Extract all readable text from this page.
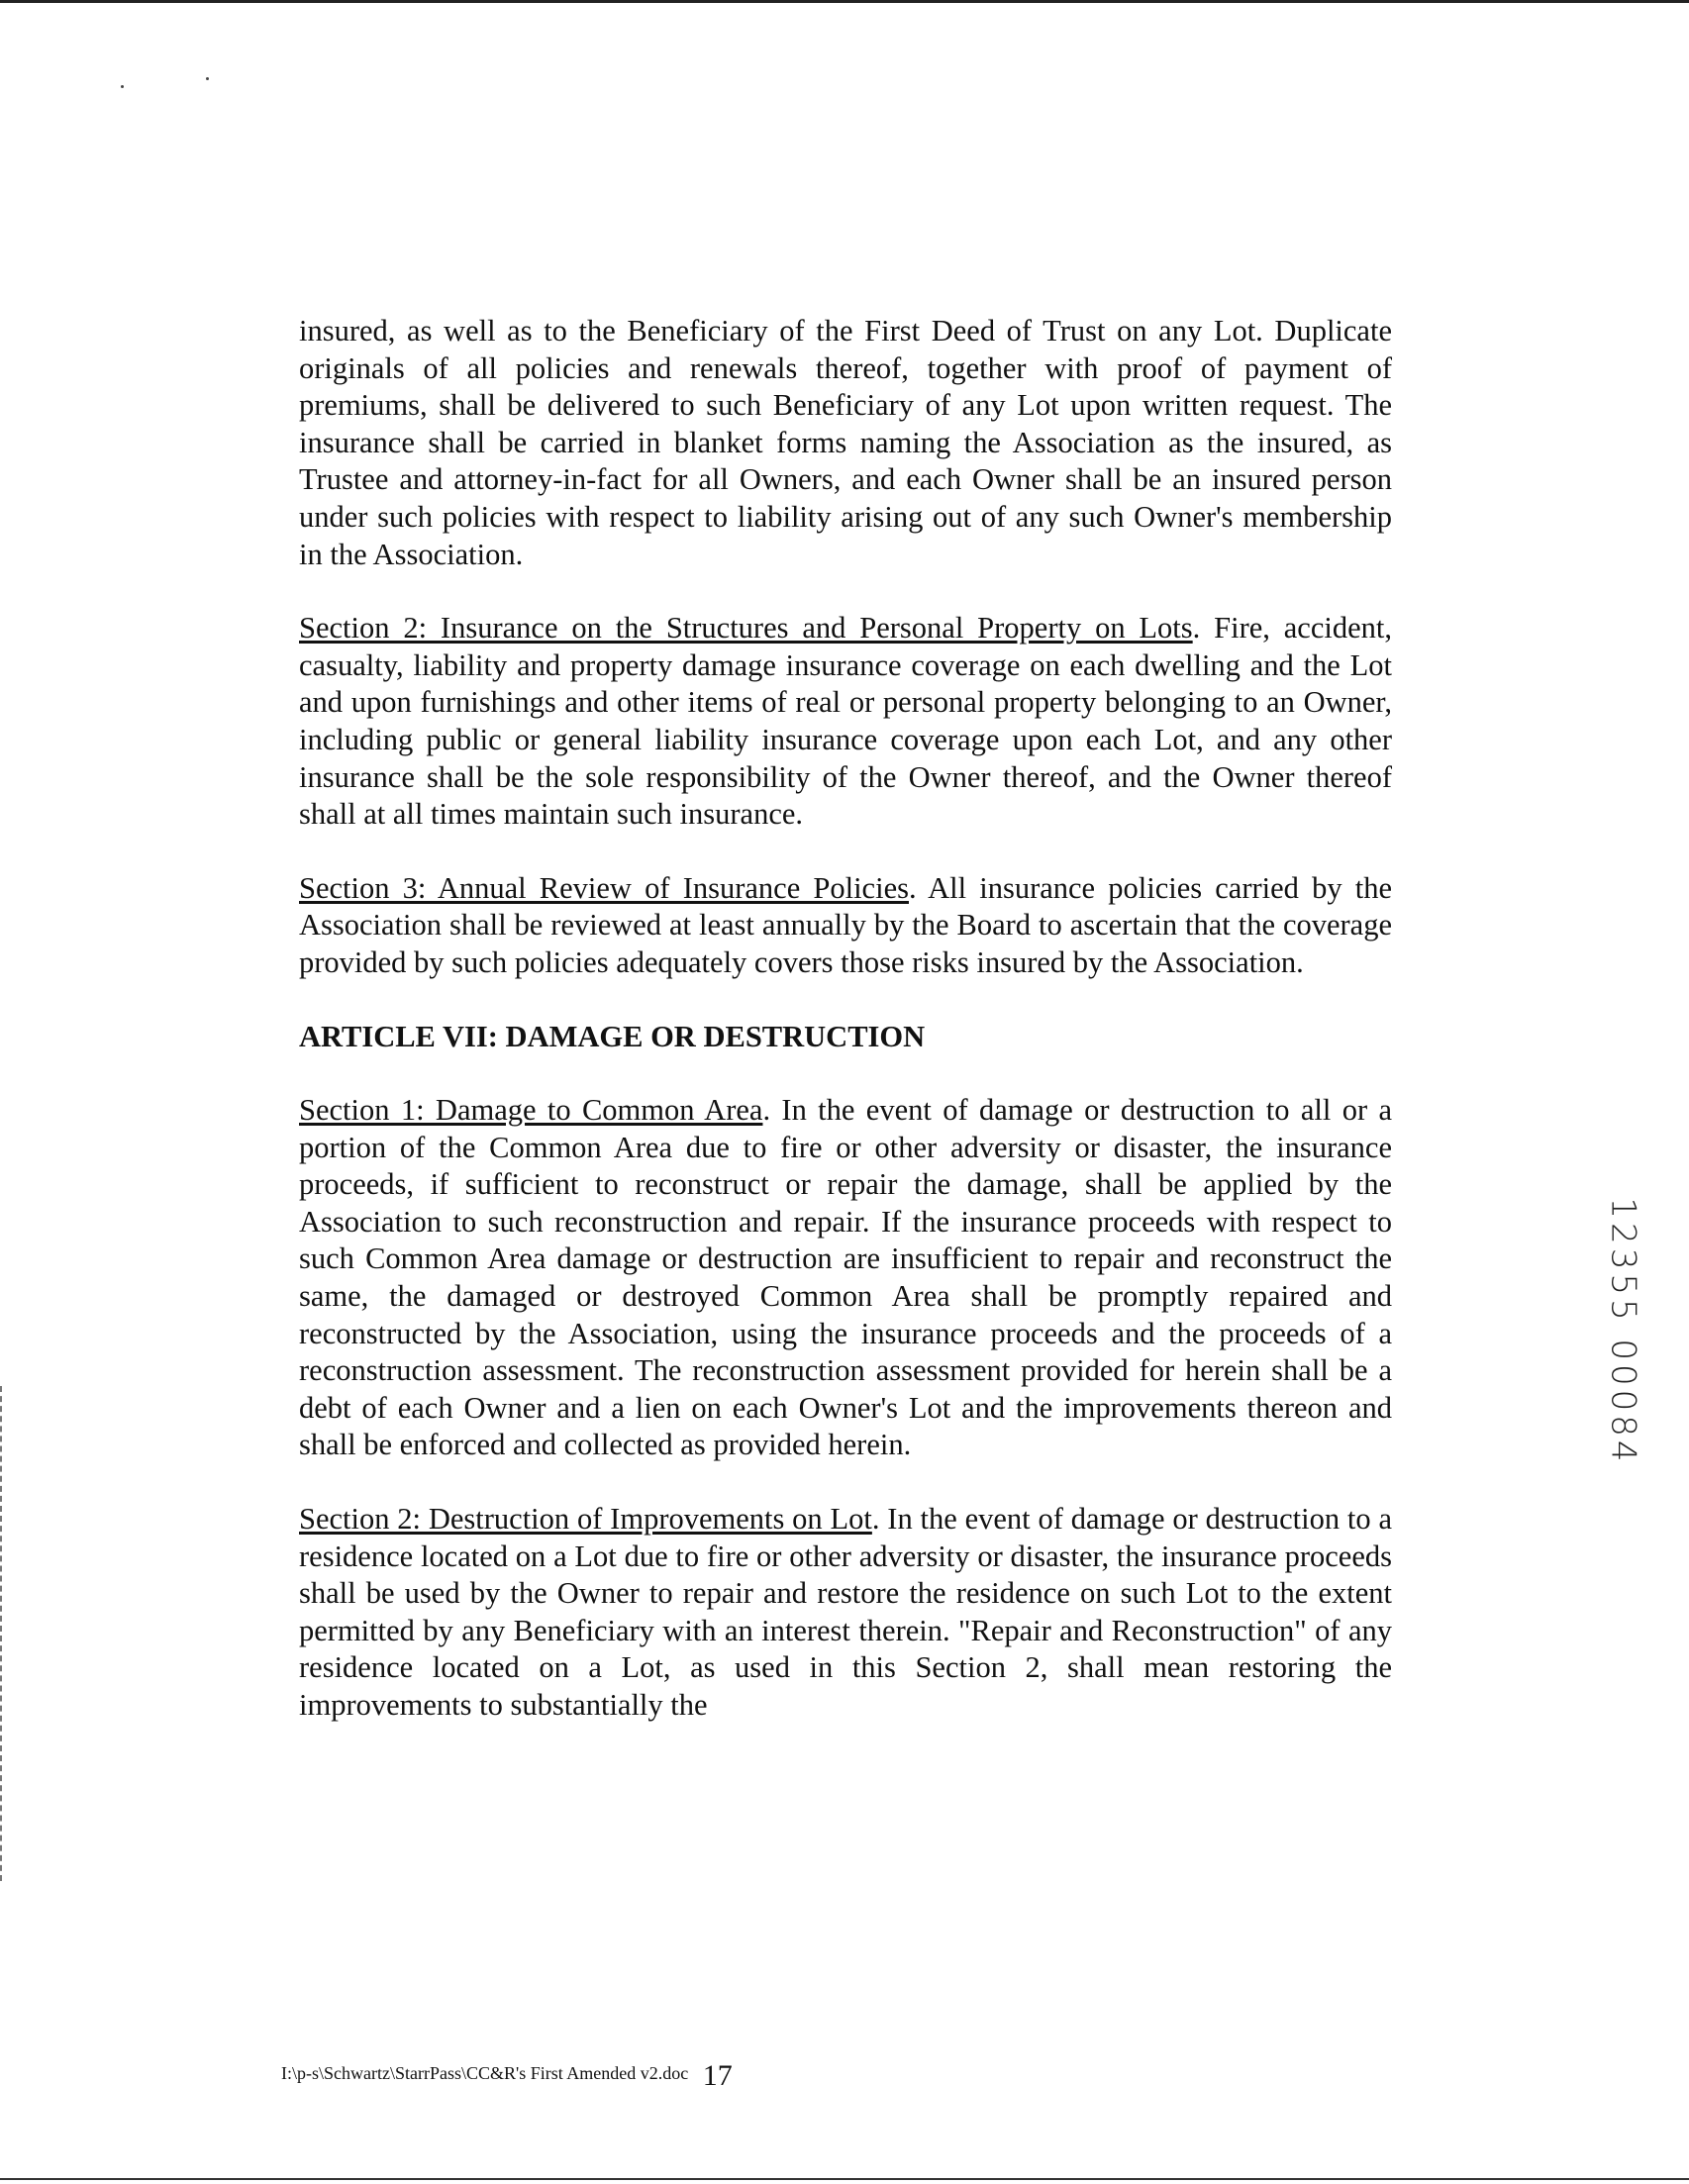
insured, as well as to the Beneficiary of the First Deed of Trust on any Lot. Duplicate originals of all policies and renewals thereof, together with proof of payment of premiums, shall be delivered to such Beneficiary of any Lot upon written request. The insurance shall be carried in blanket forms naming the Association as the insured, as Trustee and attorney-in-fact for all Owners, and each Owner shall be an insured person under such policies with respect to liability arising out of any such Owner's membership in the Association.

Section 2: Insurance on the Structures and Personal Property on Lots. Fire, accident, casualty, liability and property damage insurance coverage on each dwelling and the Lot and upon furnishings and other items of real or personal property belonging to an Owner, including public or general liability insurance coverage upon each Lot, and any other insurance shall be the sole responsibility of the Owner thereof, and the Owner thereof shall at all times maintain such insurance.

Section 3: Annual Review of Insurance Policies. All insurance policies carried by the Association shall be reviewed at least annually by the Board to ascertain that the coverage provided by such policies adequately covers those risks insured by the Association.

ARTICLE VII: DAMAGE OR DESTRUCTION

Section 1: Damage to Common Area. In the event of damage or destruction to all or a portion of the Common Area due to fire or other adversity or disaster, the insurance proceeds, if sufficient to reconstruct or repair the damage, shall be applied by the Association to such reconstruction and repair. If the insurance proceeds with respect to such Common Area damage or destruction are insufficient to repair and reconstruct the same, the damaged or destroyed Common Area shall be promptly repaired and reconstructed by the Association, using the insurance proceeds and the proceeds of a reconstruction assessment. The reconstruction assessment provided for herein shall be a debt of each Owner and a lien on each Owner's Lot and the improvements thereon and shall be enforced and collected as provided herein.

Section 2: Destruction of Improvements on Lot. In the event of damage or destruction to a residence located on a Lot due to fire or other adversity or disaster, the insurance proceeds shall be used by the Owner to repair and restore the residence on such Lot to the extent permitted by any Beneficiary with an interest therein. "Repair and Reconstruction" of any residence located on a Lot, as used in this Section 2, shall mean restoring the improvements to substantially the

12355 00084
I:\p-s\Schwartz\StarrPass\CC&R's First Amended v2.doc 17
